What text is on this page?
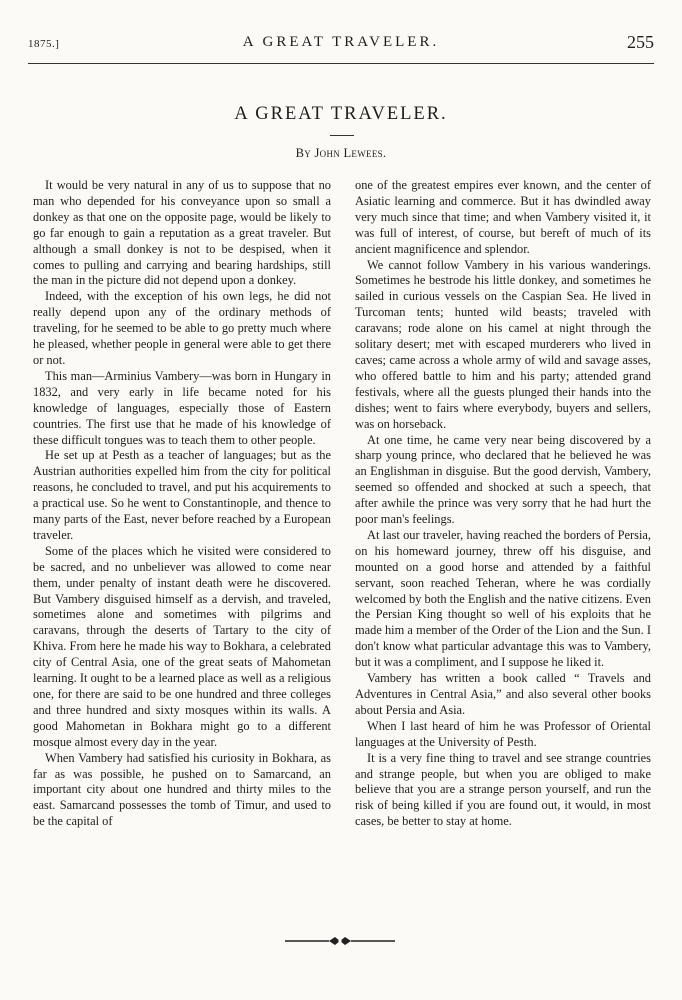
1875.]	A GREAT TRAVELER.	255
A GREAT TRAVELER.
By John Lewees.

It would be very natural in any of us to suppose that no man who depended for his conveyance upon so small a donkey as that one on the opposite page, would be likely to go far enough to gain a reputation as a great traveler. But although a small donkey is not to be despised, when it comes to pulling and carrying and bearing hardships, still the man in the picture did not depend upon a donkey.

Indeed, with the exception of his own legs, he did not really depend upon any of the ordinary methods of traveling, for he seemed to be able to go pretty much where he pleased, whether people in general were able to get there or not.

This man—Arminius Vambery—was born in Hungary in 1832, and very early in life became noted for his knowledge of languages, especially those of Eastern countries. The first use that he made of his knowledge of these difficult tongues was to teach them to other people.

He set up at Pesth as a teacher of languages; but as the Austrian authorities expelled him from the city for political reasons, he concluded to travel, and put his acquirements to a practical use. So he went to Constantinople, and thence to many parts of the East, never before reached by a European traveler.

Some of the places which he visited were considered to be sacred, and no unbeliever was allowed to come near them, under penalty of instant death were he discovered. But Vambery disguised himself as a dervish, and traveled, sometimes alone and sometimes with pilgrims and caravans, through the deserts of Tartary to the city of Khiva. From here he made his way to Bokhara, a celebrated city of Central Asia, one of the great seats of Mahometan learning. It ought to be a learned place as well as a religious one, for there are said to be one hundred and three colleges and three hundred and sixty mosques within its walls. A good Mahometan in Bokhara might go to a different mosque almost every day in the year.

When Vambery had satisfied his curiosity in Bokhara, as far as was possible, he pushed on to Samarcand, an important city about one hundred and thirty miles to the east. Samarcand possesses the tomb of Timur, and used to be the capital of

one of the greatest empires ever known, and the center of Asiatic learning and commerce. But it has dwindled away very much since that time; and when Vambery visited it, it was full of interest, of course, but bereft of much of its ancient magnificence and splendor.

We cannot follow Vambery in his various wanderings. Sometimes he bestrode his little donkey, and sometimes he sailed in curious vessels on the Caspian Sea. He lived in Turcoman tents; hunted wild beasts; traveled with caravans; rode alone on his camel at night through the solitary desert; met with escaped murderers who lived in caves; came across a whole army of wild and savage asses, who offered battle to him and his party; attended grand festivals, where all the guests plunged their hands into the dishes; went to fairs where everybody, buyers and sellers, was on horseback.

At one time, he came very near being discovered by a sharp young prince, who declared that he believed he was an Englishman in disguise. But the good dervish, Vambery, seemed so offended and shocked at such a speech, that after awhile the prince was very sorry that he had hurt the poor man's feelings.

At last our traveler, having reached the borders of Persia, on his homeward journey, threw off his disguise, and mounted on a good horse and attended by a faithful servant, soon reached Teheran, where he was cordially welcomed by both the English and the native citizens. Even the Persian King thought so well of his exploits that he made him a member of the Order of the Lion and the Sun. I don't know what particular advantage this was to Vambery, but it was a compliment, and I suppose he liked it.

Vambery has written a book called “ Travels and Adventures in Central Asia,” and also several other books about Persia and Asia.

When I last heard of him he was Professor of Oriental languages at the University of Pesth.

It is a very fine thing to travel and see strange countries and strange people, but when you are obliged to make believe that you are a strange person yourself, and run the risk of being killed if you are found out, it would, in most cases, be better to stay at home.
